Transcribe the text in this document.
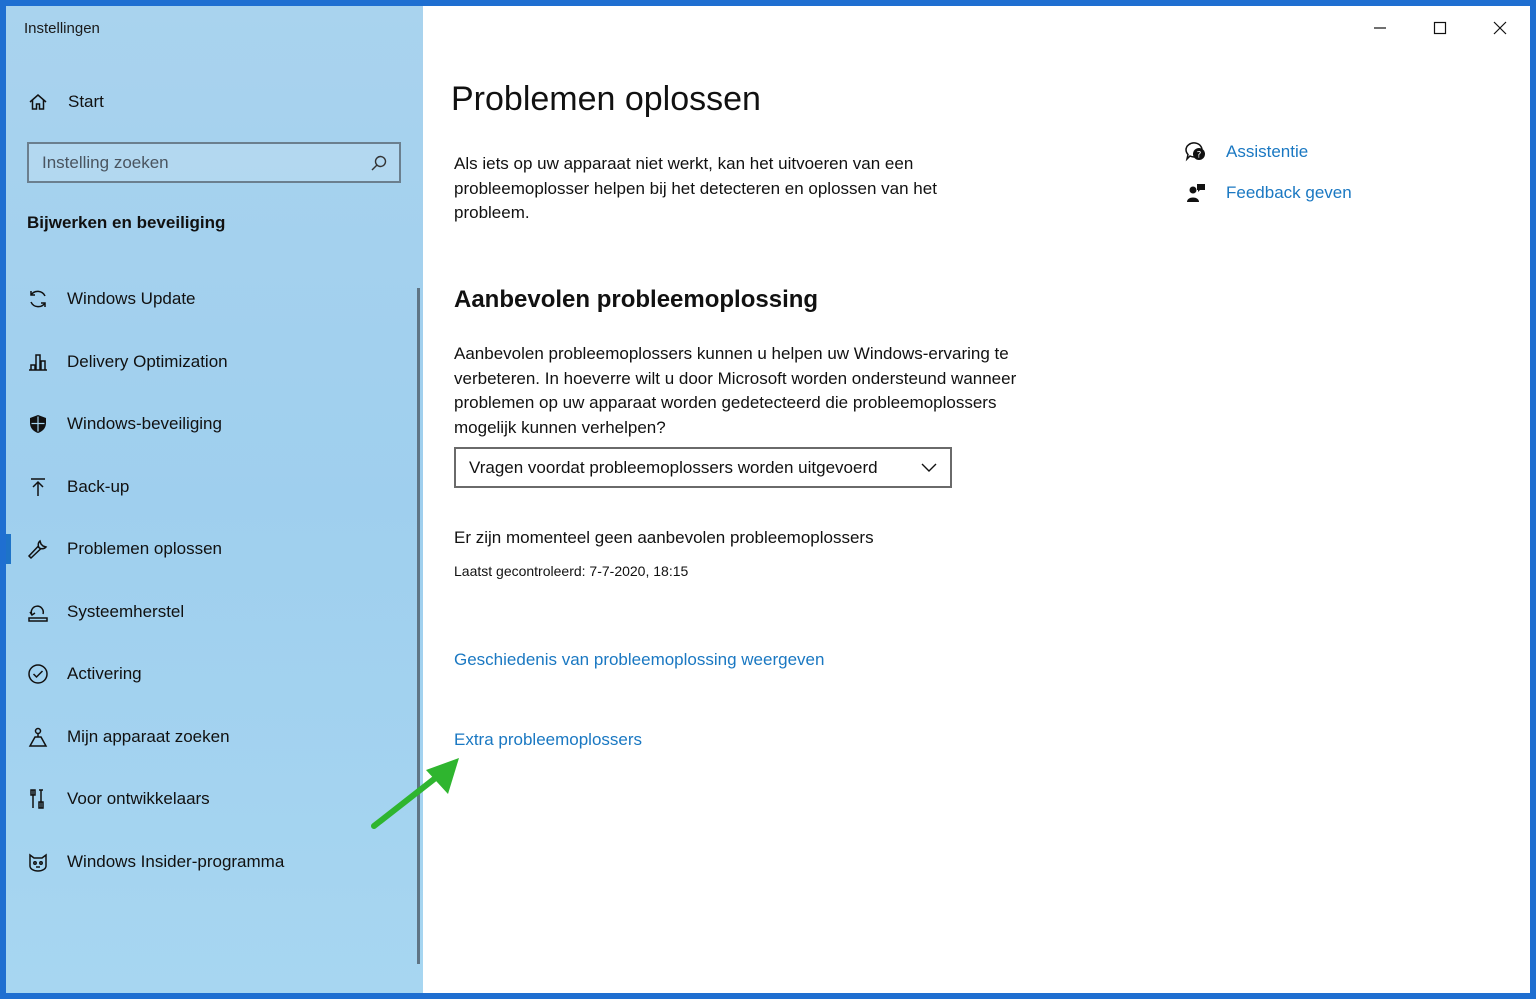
Instellingen
Start
Instelling zoeken
Bijwerken en beveiliging
Windows Update
Delivery Optimization
Windows-beveiliging
Back-up
Problemen oplossen
Systeemherstel
Activering
Mijn apparaat zoeken
Voor ontwikkelaars
Windows Insider-programma
Problemen oplossen

Als iets op uw apparaat niet werkt, kan het uitvoeren van een probleemoplosser helpen bij het detecteren en oplossen van het probleem.

Aanbevolen probleemoplossing

Aanbevolen probleemoplossers kunnen u helpen uw Windows-ervaring te verbeteren. In hoeverre wilt u door Microsoft worden ondersteund wanneer problemen op uw apparaat worden gedetecteerd die probleemoplossers mogelijk kunnen verhelpen?

Vragen voordat probleemoplossers worden uitgevoerd
Er zijn momenteel geen aanbevolen probleemoplossers
Laatst gecontroleerd: 7-7-2020, 18:15
Geschiedenis van probleemoplossing weergeven
Extra probleemoplossers
? Assistentie
Feedback geven
